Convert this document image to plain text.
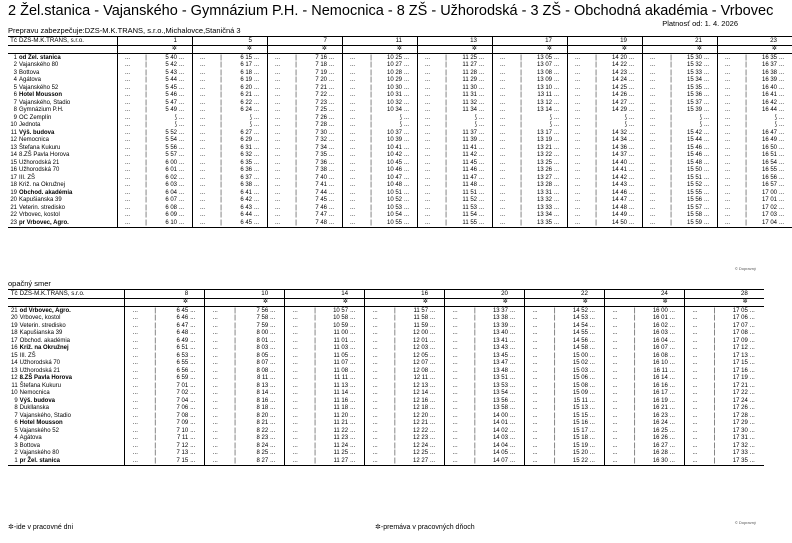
2 Žel.stanica - Vajanského - Gymnázium P.H. - Nemocnica - 8 ZŠ - Užhorodská - 3 ZŠ - Obchodná akadémia - Vrbovec
Platnosť od: 1. 4. 2026
Prepravu zabezpečuje:DZS-M.K.TRANS, s.r.o.,Michalovce,Staničná 3
Tč	DZS-M.K.TRANS, s.r.o.			1				5				7				11				13				17				19				21				23	
				✲				✲				✲				✲				✲				✲				✲				✲				✲	
1	od Žel. stanica	...	|	5 40	...	...	|	6 15	...	...	|	7 16	...	...	|	10 25	...	...	|	11 25	...	...	|	13 05	...	...	|	14 20	...	...	|	15 30	...	...	|	16 35	...
2	Vajanského 80	...	|	5 42	...	...	|	6 17	...	...	|	7 18	...	...	|	10 27	...	...	|	11 27	...	...	|	13 07	...	...	|	14 22	...	...	|	15 32	...	...	|	16 37	...
3	Bottova	...	|	5 43	...	...	|	6 18	...	...	|	7 19	...	...	|	10 28	...	...	|	11 28	...	...	|	13 08	...	...	|	14 23	...	...	|	15 33	...	...	|	16 38	...
4	Agátova	...	|	5 44	...	...	|	6 19	...	...	|	7 20	...	...	|	10 29	...	...	|	11 29	...	...	|	13 09	...	...	|	14 24	...	...	|	15 34	...	...	|	16 39	...
5	Vajanského 52	...	|	5 45	...	...	|	6 20	...	...	|	7 21	...	...	|	10 30	...	...	|	11 30	...	...	|	13 10	...	...	|	14 25	...	...	|	15 35	...	...	|	16 40	...
6	Hotel Mousson	...	|	5 46	...	...	|	6 21	...	...	|	7 22	...	...	|	10 31	...	...	|	11 31	...	...	|	13 11	...	...	|	14 26	...	...	|	15 36	...	...	|	16 41	...
7	Vajanského, Stadio	...	|	5 47	...	...	|	6 22	...	...	|	7 23	...	...	|	10 32	...	...	|	11 32	...	...	|	13 12	...	...	|	14 27	...	...	|	15 37	...	...	|	16 42	...
8	Gymnázium P.H.	...	|	5 49	...	...	|	6 24	...	...	|	7 25	...	...	|	10 34	...	...	|	11 34	...	...	|	13 14	...	...	|	14 29	...	...	|	15 39	...	...	|	16 44	...
9	OC Zemplín	...	|	⟆	...	...	|	⟆	...	...	|	7 26	...	...	|	⟆	...	...	|	⟆	...	...	|	⟆	...	...	|	⟆	...	...	|	⟆	...	...	|	⟆	...
10	Jednota	...	|	⟆	...	...	|	⟆	...	...	|	7 28	...	...	|	⟆	...	...	|	⟆	...	...	|	⟆	...	...	|	⟆	...	...	|	⟆	...	...	|	⟆	...
11	Výš. budova	...	|	5 52	...	...	|	6 27	...	...	|	7 30	...	...	|	10 37	...	...	|	11 37	...	...	|	13 17	...	...	|	14 32	...	...	|	15 42	...	...	|	16 47	...
12	Nemocnica	...	|	5 54	...	...	|	6 29	...	...	|	7 32	...	...	|	10 39	...	...	|	11 39	...	...	|	13 19	...	...	|	14 34	...	...	|	15 44	...	...	|	16 49	...
13	Štefana Kukuru	...	|	5 56	...	...	|	6 31	...	...	|	7 34	...	...	|	10 41	...	...	|	11 41	...	...	|	13 21	...	...	|	14 36	...	...	|	15 46	...	...	|	16 50	...
14	8.ZŠ Pavla Horova	...	|	5 57	...	...	|	6 32	...	...	|	7 35	...	...	|	10 42	...	...	|	11 42	...	...	|	13 22	...	...	|	14 37	...	...	|	15 46	...	...	|	16 51	...
15	Užhorodská 21	...	|	6 00	...	...	|	6 35	...	...	|	7 36	...	...	|	10 45	...	...	|	11 45	...	...	|	13 25	...	...	|	14 40	...	...	|	15 48	...	...	|	16 54	...
16	Užhorodská 70	...	|	6 01	...	...	|	6 36	...	...	|	7 38	...	...	|	10 46	...	...	|	11 46	...	...	|	13 26	...	...	|	14 41	...	...	|	15 50	...	...	|	16 55	...
17	III. ZŠ	...	|	6 02	...	...	|	6 37	...	...	|	7 40	...	...	|	10 47	...	...	|	11 47	...	...	|	13 27	...	...	|	14 42	...	...	|	15 51	...	...	|	16 56	...
18	Križ. na Okružnej	...	|	6 03	...	...	|	6 38	...	...	|	7 41	...	...	|	10 48	...	...	|	11 48	...	...	|	13 28	...	...	|	14 43	...	...	|	15 52	...	...	|	16 57	...
19	Obchod. akadémia	...	|	6 04	...	...	|	6 41	...	...	|	7 44	...	...	|	10 51	...	...	|	11 51	...	...	|	13 31	...	...	|	14 46	...	...	|	15 55	...	...	|	17 00	...
20	Kapušianska 39	...	|	6 07	...	...	|	6 42	...	...	|	7 45	...	...	|	10 52	...	...	|	11 52	...	...	|	13 32	...	...	|	14 47	...	...	|	15 56	...	...	|	17 01	...
21	Veterin. stredisko	...	|	6 08	...	...	|	6 43	...	...	|	7 46	...	...	|	10 53	...	...	|	11 53	...	...	|	13 33	...	...	|	14 48	...	...	|	15 57	...	...	|	17 02	...
22	Vrbovec, kostol	...	|	6 09	...	...	|	6 44	...	...	|	7 47	...	...	|	10 54	...	...	|	11 54	...	...	|	13 34	...	...	|	14 49	...	...	|	15 58	...	...	|	17 03	...
23	pr Vrbovec, Agro.	...	|	6 10	...	...	|	6 45	...	...	|	7 48	...	...	|	10 55	...	...	|	11 55	...	...	|	13 35	...	...	|	14 50	...	...	|	15 59	...	...	|	17 04	...
© Dopravný
opačný smer
Tč	DZS-M.K.TRANS, s.r.o.			8				10				14				16				20				22				24				28	
				✲				✲				✲				✲				✲				✲				✲				✲	
21	od Vrbovec, Agro.	...	|	6 45	...	...	|	7 56	...	...	|	10 57	...	...	|	11 57	...	...	|	13 37	...	...	|	14 52	...	...	|	16 00	...	...	|	17 05	...
20	Vrbovec, kostol	...	|	6 46	...	...	|	7 58	...	...	|	10 58	...	...	|	11 58	...	...	|	13 38	...	...	|	14 53	...	...	|	16 01	...	...	|	17 06	...
19	Veterin. stredisko	...	|	6 47	...	...	|	7 59	...	...	|	10 59	...	...	|	11 59	...	...	|	13 39	...	...	|	14 54	...	...	|	16 02	...	...	|	17 07	...
18	Kapušianska 39	...	|	6 48	...	...	|	8 00	...	...	|	11 00	...	...	|	12 00	...	...	|	13 40	...	...	|	14 55	...	...	|	16 03	...	...	|	17 08	...
17	Obchod. akadémia	...	|	6 49	...	...	|	8 01	...	...	|	11 01	...	...	|	12 01	...	...	|	13 41	...	...	|	14 56	...	...	|	16 04	...	...	|	17 09	...
16	Križ. na Okružnej	...	|	6 51	...	...	|	8 03	...	...	|	11 03	...	...	|	12 03	...	...	|	13 43	...	...	|	14 58	...	...	|	16 07	...	...	|	17 12	...
15	III. ZŠ	...	|	6 53	...	...	|	8 05	...	...	|	11 05	...	...	|	12 05	...	...	|	13 45	...	...	|	15 00	...	...	|	16 08	...	...	|	17 13	...
14	Užhorodská 70	...	|	6 55	...	...	|	8 07	...	...	|	11 07	...	...	|	12 07	...	...	|	13 47	...	...	|	15 02	...	...	|	16 10	...	...	|	17 15	...
13	Užhorodská 21	...	|	6 56	...	...	|	8 08	...	...	|	11 08	...	...	|	12 08	...	...	|	13 48	...	...	|	15 03	...	...	|	16 11	...	...	|	17 16	...
12	8.ZŠ Pavla Horova	...	|	6 59	...	...	|	8 11	...	...	|	11 11	...	...	|	12 11	...	...	|	13 51	...	...	|	15 06	...	...	|	16 14	...	...	|	17 19	...
11	Štefana Kukuru	...	|	7 01	...	...	|	8 13	...	...	|	11 13	...	...	|	12 13	...	...	|	13 53	...	...	|	15 08	...	...	|	16 16	...	...	|	17 21	...
10	Nemocnica	...	|	7 02	...	...	|	8 14	...	...	|	11 14	...	...	|	12 14	...	...	|	13 54	...	...	|	15 09	...	...	|	16 17	...	...	|	17 22	...
9	Výš. budova	...	|	7 04	...	...	|	8 16	...	...	|	11 16	...	...	|	12 16	...	...	|	13 56	...	...	|	15 11	...	...	|	16 19	...	...	|	17 24	...
8	Dukllanska	...	|	7 06	...	...	|	8 18	...	...	|	11 18	...	...	|	12 18	...	...	|	13 58	...	...	|	15 13	...	...	|	16 21	...	...	|	17 26	...
7	Vajanského, Stadio	...	|	7 08	...	...	|	8 20	...	...	|	11 20	...	...	|	12 20	...	...	|	14 00	...	...	|	15 15	...	...	|	16 23	...	...	|	17 28	...
6	Hotel Mousson	...	|	7 09	...	...	|	8 21	...	...	|	11 21	...	...	|	12 21	...	...	|	14 01	...	...	|	15 16	...	...	|	16 24	...	...	|	17 29	...
5	Vajanského 52	...	|	7 10	...	...	|	8 22	...	...	|	11 22	...	...	|	12 22	...	...	|	14 02	...	...	|	15 17	...	...	|	16 25	...	...	|	17 30	...
4	Agátova	...	|	7 11	...	...	|	8 23	...	...	|	11 23	...	...	|	12 23	...	...	|	14 03	...	...	|	15 18	...	...	|	16 26	...	...	|	17 31	...
3	Bottova	...	|	7 12	...	...	|	8 24	...	...	|	11 24	...	...	|	12 24	...	...	|	14 04	...	...	|	15 19	...	...	|	16 27	...	...	|	17 32	...
2	Vajanského 80	...	|	7 13	...	...	|	8 25	...	...	|	11 25	...	...	|	12 25	...	...	|	14 05	...	...	|	15 20	...	...	|	16 28	...	...	|	17 33	...
1	pr Žel. stanica	...	|	7 15	...	...	|	8 27	...	...	|	11 27	...	...	|	12 27	...	...	|	14 07	...	...	|	15 22	...	...	|	16 30	...	...	|	17 35	...
© Dopravný
✲-ide v pracovné dni	✲-premáva v pracovných dňoch
